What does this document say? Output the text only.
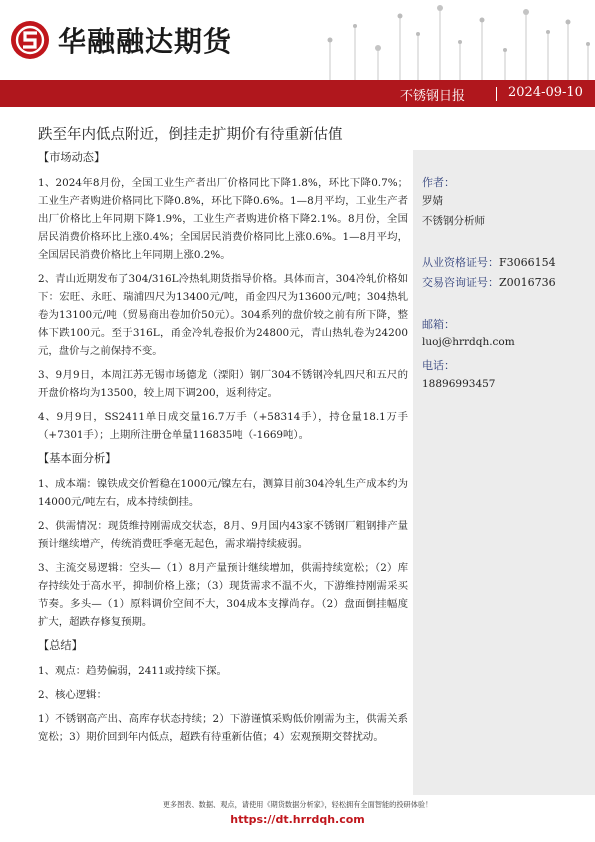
华融融达期货
不锈钢日报	2024-09-10
跌至年内低点附近，倒挂走扩期价有待重新估值
【市场动态】

1、2024年8月份，全国工业生产者出厂价格同比下降1.8%，环比下降0.7%；工业生产者购进价格同比下降0.8%，环比下降0.6%。1—8月平均，工业生产者出厂价格比上年同期下降1.9%，工业生产者购进价格下降2.1%。8月份，全国居民消费价格环比上涨0.4%；全国居民消费价格同比上涨0.6%。1—8月平均，全国居民消费价格比上年同期上涨0.2%。

2、青山近期发布了304/316L冷热轧期货指导价格。具体而言，304冷轧价格如下：宏旺、永旺、瑞浦四尺为13400元/吨，甬金四尺为13600元/吨；304热轧卷为13100元/吨（贸易商出卷加价50元）。304系列的盘价较之前有所下降，整体下跌100元。至于316L，甬金冷轧卷报价为24800元，青山热轧卷为24200元，盘价与之前保持不变。

3、9月9日，本周江苏无锡市场德龙（溧阳）钢厂304不锈钢冷轧四尺和五尺的开盘价格均为13500，较上周下调200，返利待定。

4、9月9日，SS2411单日成交量16.7万手（+58314手），持仓量18.1万手（+7301手）；上期所注册仓单量116835吨（-1669吨）。

【基本面分析】

1、成本端：镍铁成交价暂稳在1000元/镍左右，测算目前304冷轧生产成本约为14000元/吨左右，成本持续倒挂。

2、供需情况：现货维持刚需成交状态，8月、9月国内43家不锈钢厂粗钢排产量预计继续增产，传统消费旺季毫无起色，需求端持续疲弱。

3、主流交易逻辑：空头—（1）8月产量预计继续增加，供需持续宽松；（2）库存持续处于高水平，抑制价格上涨；（3）现货需求不温不火，下游维持刚需采买节奏。多头—（1）原料调价空间不大，304成本支撑尚存。（2）盘面倒挂幅度扩大，超跌存修复预期。

【总结】

1、观点：趋势偏弱，2411或持续下探。

2、核心逻辑：

1）不锈钢高产出、高库存状态持续；2）下游谨慎采购低价刚需为主，供需关系宽松；3）期价回到年内低点，超跌有待重新估值；4）宏观预期交替扰动。

作者：
罗婧
不锈钢分析师
从业资格证号：F3066154
交易咨询证号：Z0016736
邮箱：
luoj@hrrdqh.com
电话：
18896993457
更多图表、数据、观点，请使用《期货数据分析家》，轻松拥有全面智能的投研体验！
https://dt.hrrdqh.com
